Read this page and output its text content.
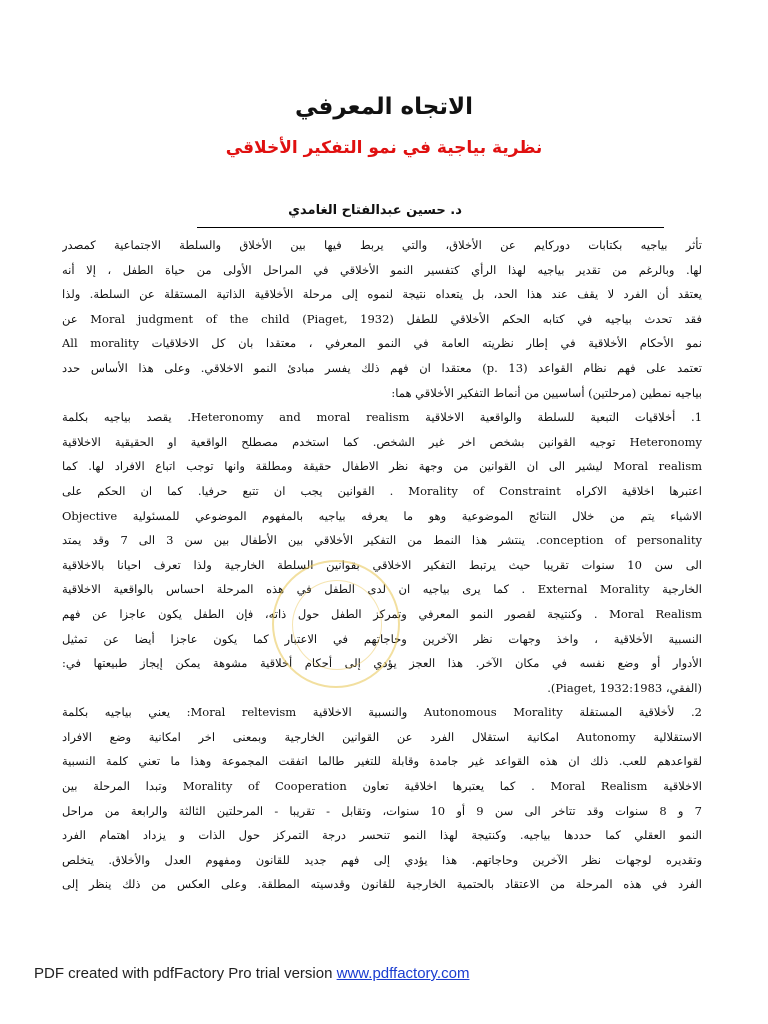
الاتجاه المعرفي
نظرية بياجية في نمو التفكير الأخلاقي
د. حسين عبدالفتاح الغامدي
تأثر بياجيه بكتابات دوركايم عن الأخلاق، والتي يربط فيها بين الأخلاق والسلطة الاجتماعية كمصدر
لها. وبالرغم من تقدير بياجيه لهذا الرأي كتفسير النمو الأخلاقي في المراحل الأولى من حياة الطفل ، إلا أنه
يعتقد أن الفرد لا يقف عند هذا الحد، بل يتعداه نتيجة لنموه إلى مرحلة الأخلاقية الذاتية المستقلة عن السلطة. ولذا
فقد تحدث بياجيه في كتابه الحكم الأخلاقي للطفل (Piaget, 1932) Moral judgment of the child عن
نمو الأحكام الأخلاقية في إطار نظريته العامة في النمو المعرفي ، معتقدا بان كل الاخلاقيات All morality
تعتمد على فهم نظام القواعد (p. 13) معتقدا ان فهم ذلك يفسر مبادئ النمو الاخلاقي. وعلى هذا الأساس حدد
بياجيه نمطين (مرحلتين) أساسيين من أنماط التفكير الأخلاقي هما:
1. أخلاقيات التبعية للسلطة والواقعية الاخلاقية Heteronomy and moral realism. يقصد بياجيه بكلمة
Heteronomy توجيه القوانين بشخص اخر غير الشخص. كما استخدم مصطلح الواقعية او الحقيقية الاخلاقية
Moral realism ليشير الى ان القوانين من وجهة نظر الاطفال حقيقة ومطلقة وانها توجب اتباع الافراد لها. كما
اعتبرها اخلاقية الاكراه Morality of Constraint . القوانين يجب ان تتبع حرفيا. كما ان الحكم على
الاشياء يتم من خلال النتائج الموضوعية وهو ما يعرفه بياجيه بالمفهوم الموضوعي للمسئولية Objective
conception of personality. ينتشر هذا النمط من التفكير الأخلاقي بين الأطفال بين سن 3 الى 7 وقد يمتد
الى سن 10 سنوات تقريبا حيث يرتبط التفكير الاخلاقي بقوانين السلطة الخارجية ولذا تعرف احيانا بالاخلاقية
الخارجية External Morality . كما يرى بياجيه ان لدى الطفل في هذه المرحلة احساس بالواقعية الاخلاقية
Moral Realism . وكنتيجة لقصور النمو المعرفي وتمركز الطفل حول ذاته، فإن الطفل يكون عاجزا عن فهم
النسبية الأخلاقية ، واخذ وجهات نظر الآخرين وحاجاتهم في الاعتبار كما يكون عاجزا أيضا عن تمثيل
الأدوار أو وضع نفسه في مكان الآخر. هذا العجز يؤدي إلى أحكام أخلاقية مشوهة يمكن إيجاز طبيعتها في:
(الفقي، 1932:1983 ,Piaget).
2. لأخلاقية المستقلة Autonomous Morality والنسبية الاخلاقية Moral reltevism: يعني بياجيه بكلمة
الاستقلالية Autonomy امكانية استقلال الفرد عن القوانين الخارجية وبمعنى اخر امكانية وضع الافراد
لقواعدهم للعب. ذلك ان هذه القواعد غير جامدة وقابلة للتغير طالما اتفقت المجموعة وهذا ما تعني كلمة النسبية
الاخلاقية Moral Realism . كما يعتبرها اخلاقية تعاون Morality of Cooperation وتبدا المرحلة بين
7 و 8 سنوات وقد تتاخر الى سن 9 أو 10 سنوات، وتقابل - تقريبا - المرحلتين الثالثة والرابعة من مراحل
النمو العقلي كما حددها بياجيه. وكنتيجة لهذا النمو تنحسر درجة التمركز حول الذات و يزداد اهتمام الفرد
وتقديره لوجهات نظر الآخرين وحاجاتهم. هذا يؤدي إلى فهم جديد للقانون ومفهوم العدل والأخلاق. يتخلص
الفرد في هذه المرحلة من الاعتقاد بالحتمية الخارجية للقانون وقدسيته المطلقة. وعلى العكس من ذلك ينظر إلى
PDF created with pdfFactory Pro trial version www.pdffactory.com
